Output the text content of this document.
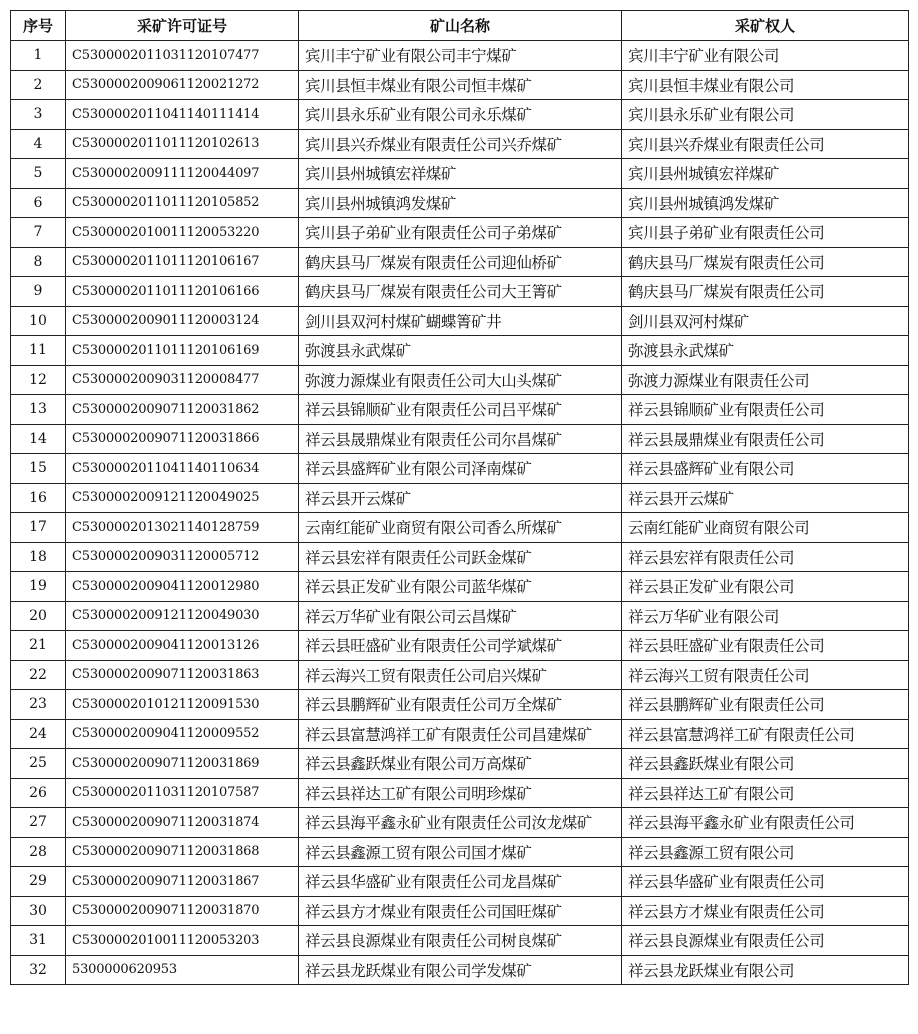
序号	采矿许可证号	矿山名称	采矿权人
1	C5300002011031120107477	宾川丰宁矿业有限公司丰宁煤矿	宾川丰宁矿业有限公司
2	C5300002009061120021272	宾川县恒丰煤业有限公司恒丰煤矿	宾川县恒丰煤业有限公司
3	C5300002011041140111414	宾川县永乐矿业有限公司永乐煤矿	宾川县永乐矿业有限公司
4	C5300002011011120102613	宾川县兴乔煤业有限责任公司兴乔煤矿	宾川县兴乔煤业有限责任公司
5	C5300002009111120044097	宾川县州城镇宏祥煤矿	宾川县州城镇宏祥煤矿
6	C5300002011011120105852	宾川县州城镇鸿发煤矿	宾川县州城镇鸿发煤矿
7	C5300002010011120053220	宾川县子弟矿业有限责任公司子弟煤矿	宾川县子弟矿业有限责任公司
8	C5300002011011120106167	鹤庆县马厂煤炭有限责任公司迎仙桥矿	鹤庆县马厂煤炭有限责任公司
9	C5300002011011120106166	鹤庆县马厂煤炭有限责任公司大王箐矿	鹤庆县马厂煤炭有限责任公司
10	C5300002009011120003124	剑川县双河村煤矿蝴蝶箐矿井	剑川县双河村煤矿
11	C5300002011011120106169	弥渡县永武煤矿	弥渡县永武煤矿
12	C5300002009031120008477	弥渡力源煤业有限责任公司大山头煤矿	弥渡力源煤业有限责任公司
13	C5300002009071120031862	祥云县锦顺矿业有限责任公司吕平煤矿	祥云县锦顺矿业有限责任公司
14	C5300002009071120031866	祥云县晟鼎煤业有限责任公司尔昌煤矿	祥云县晟鼎煤业有限责任公司
15	C5300002011041140110634	祥云县盛辉矿业有限公司泽南煤矿	祥云县盛辉矿业有限公司
16	C5300002009121120049025	祥云县开云煤矿	祥云县开云煤矿
17	C5300002013021140128759	云南红能矿业商贸有限公司香么所煤矿	云南红能矿业商贸有限公司
18	C5300002009031120005712	祥云县宏祥有限责任公司跃金煤矿	祥云县宏祥有限责任公司
19	C5300002009041120012980	祥云县正发矿业有限公司蓝华煤矿	祥云县正发矿业有限公司
20	C5300002009121120049030	祥云万华矿业有限公司云昌煤矿	祥云万华矿业有限公司
21	C5300002009041120013126	祥云县旺盛矿业有限责任公司学斌煤矿	祥云县旺盛矿业有限责任公司
22	C5300002009071120031863	祥云海兴工贸有限责任公司启兴煤矿	祥云海兴工贸有限责任公司
23	C5300002010121120091530	祥云县鹏辉矿业有限责任公司万全煤矿	祥云县鹏辉矿业有限责任公司
24	C5300002009041120009552	祥云县富慧鸿祥工矿有限责任公司昌建煤矿	祥云县富慧鸿祥工矿有限责任公司
25	C5300002009071120031869	祥云县鑫跃煤业有限公司万高煤矿	祥云县鑫跃煤业有限公司
26	C5300002011031120107587	祥云县祥达工矿有限公司明珍煤矿	祥云县祥达工矿有限公司
27	C5300002009071120031874	祥云县海平鑫永矿业有限责任公司汝龙煤矿	祥云县海平鑫永矿业有限责任公司
28	C5300002009071120031868	祥云县鑫源工贸有限公司国才煤矿	祥云县鑫源工贸有限公司
29	C5300002009071120031867	祥云县华盛矿业有限责任公司龙昌煤矿	祥云县华盛矿业有限责任公司
30	C5300002009071120031870	祥云县方才煤业有限责任公司国旺煤矿	祥云县方才煤业有限责任公司
31	C5300002010011120053203	祥云县良源煤业有限责任公司树良煤矿	祥云县良源煤业有限责任公司
32	5300000620953	祥云县龙跃煤业有限公司学发煤矿	祥云县龙跃煤业有限公司
